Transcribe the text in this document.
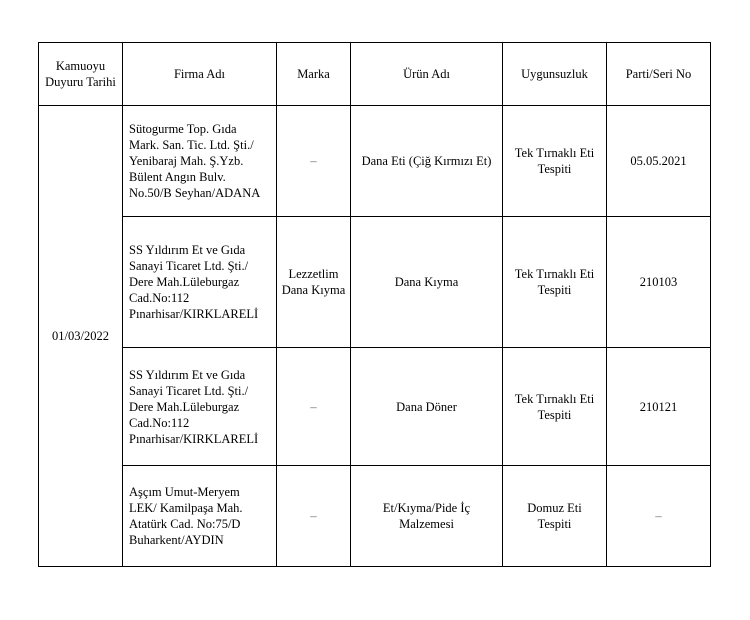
Kamuoyu Duyuru Tarihi	Firma Adı	Marka	Ürün Adı	Uygunsuzluk	Parti/Seri No
01/03/2022	Sütogurme Top. Gıda
Mark. San. Tic. Ltd. Şti./
Yenibaraj Mah. Ş.Yzb.
Bülent Angın Bulv.
No.50/B Seyhan/ADANA	–	Dana Eti (Çiğ Kırmızı Et)	Tek Tırnaklı Eti
Tespiti	05.05.2021
	SS Yıldırım Et ve Gıda
Sanayi Ticaret Ltd. Şti./
Dere Mah.Lüleburgaz
Cad.No:112
Pınarhisar/KIRKLARELİ	Lezzetlim
Dana Kıyma	Dana Kıyma	Tek Tırnaklı Eti
Tespiti	210103
	SS Yıldırım Et ve Gıda
Sanayi Ticaret Ltd. Şti./
Dere Mah.Lüleburgaz
Cad.No:112
Pınarhisar/KIRKLARELİ	–	Dana Döner	Tek Tırnaklı Eti
Tespiti	210121
	Aşçım Umut-Meryem
LEK/ Kamilpaşa Mah.
Atatürk Cad. No:75/D
Buharkent/AYDIN	–	Et/Kıyma/Pide İç
Malzemesi	Domuz Eti
Tespiti	–
